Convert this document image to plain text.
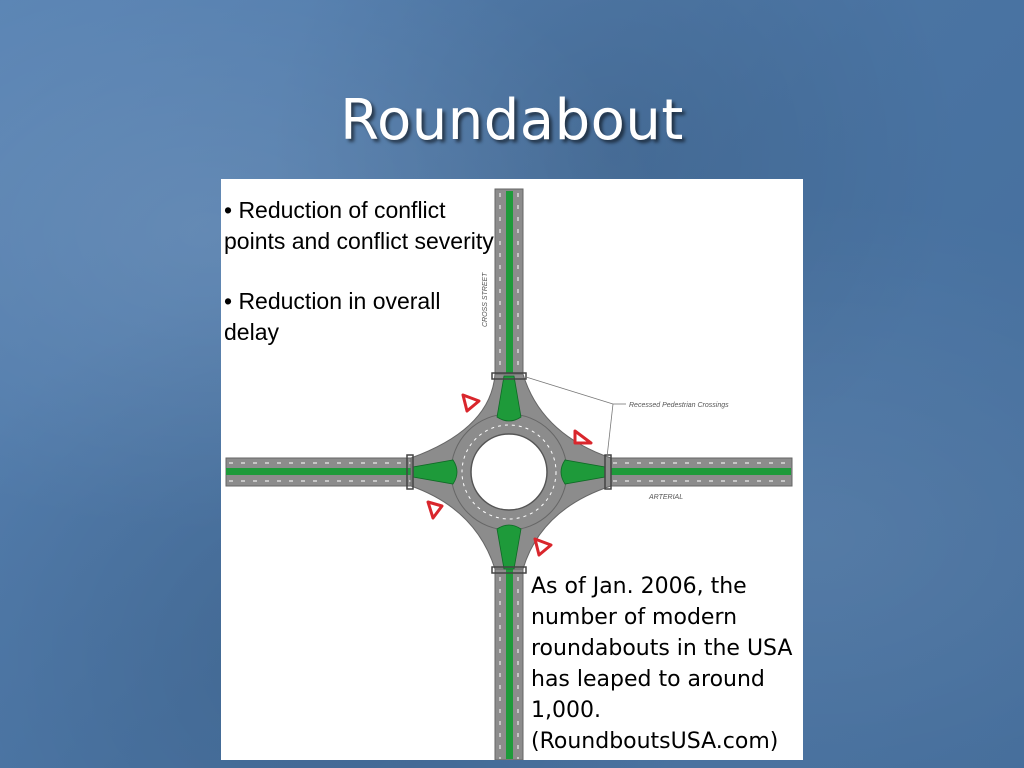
Roundabout
Recessed Pedestrian Crossings
ARTERIAL
CROSS STREET

• Reduction of conflict points and conflict severity

• Reduction in overall delay

As of Jan. 2006, the number of modern roundabouts in the USA has leaped to around 1,000. (RoundboutsUSA.com)
